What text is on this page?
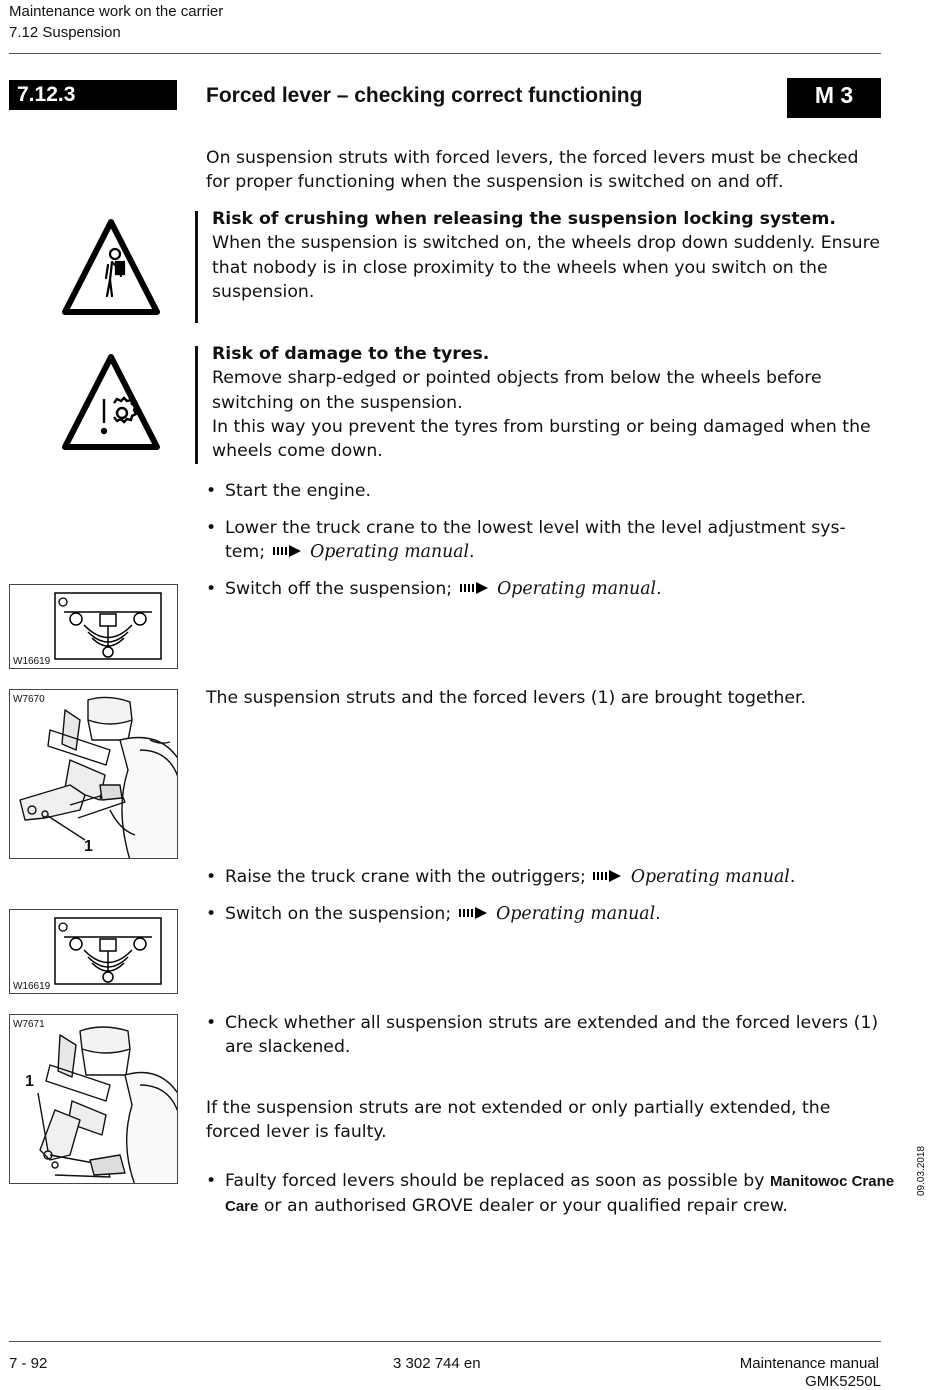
Maintenance work on the carrier
7.12 Suspension
7.12.3	Forced lever – checking correct functioning	M 3
On suspension struts with forced levers, the forced levers must be checked for proper functioning when the suspension is switched on and off.
Risk of crushing when releasing the suspension locking system.
When the suspension is switched on, the wheels drop down suddenly. Ensure that nobody is in close proximity to the wheels when you switch on the suspension.
Risk of damage to the tyres.
Remove sharp-edged or pointed objects from below the wheels before switching on the suspension.
In this way you prevent the tyres from bursting or being damaged when the wheels come down.
• Start the engine.
• Lower the truck crane to the lowest level with the level adjustment sys-tem;	Operating manual.
• Switch off the suspension;	Operating manual.
W16619
W7670
1
The suspension struts and the forced levers (1) are brought together.
• Raise the truck crane with the outriggers;	Operating manual.
• Switch on the suspension;	Operating manual.
W16619
W7671
1
• Check whether all suspension struts are extended and the forced levers (1) are slackened.
If the suspension struts are not extended or only partially extended, the forced lever is faulty.
• Faulty forced levers should be replaced as soon as possible by Manitowoc Crane Care or an authorised GROVE dealer or your qualified repair crew.
09.03.2018
7 - 92	3 302 744 en	Maintenance manual
GMK5250L
